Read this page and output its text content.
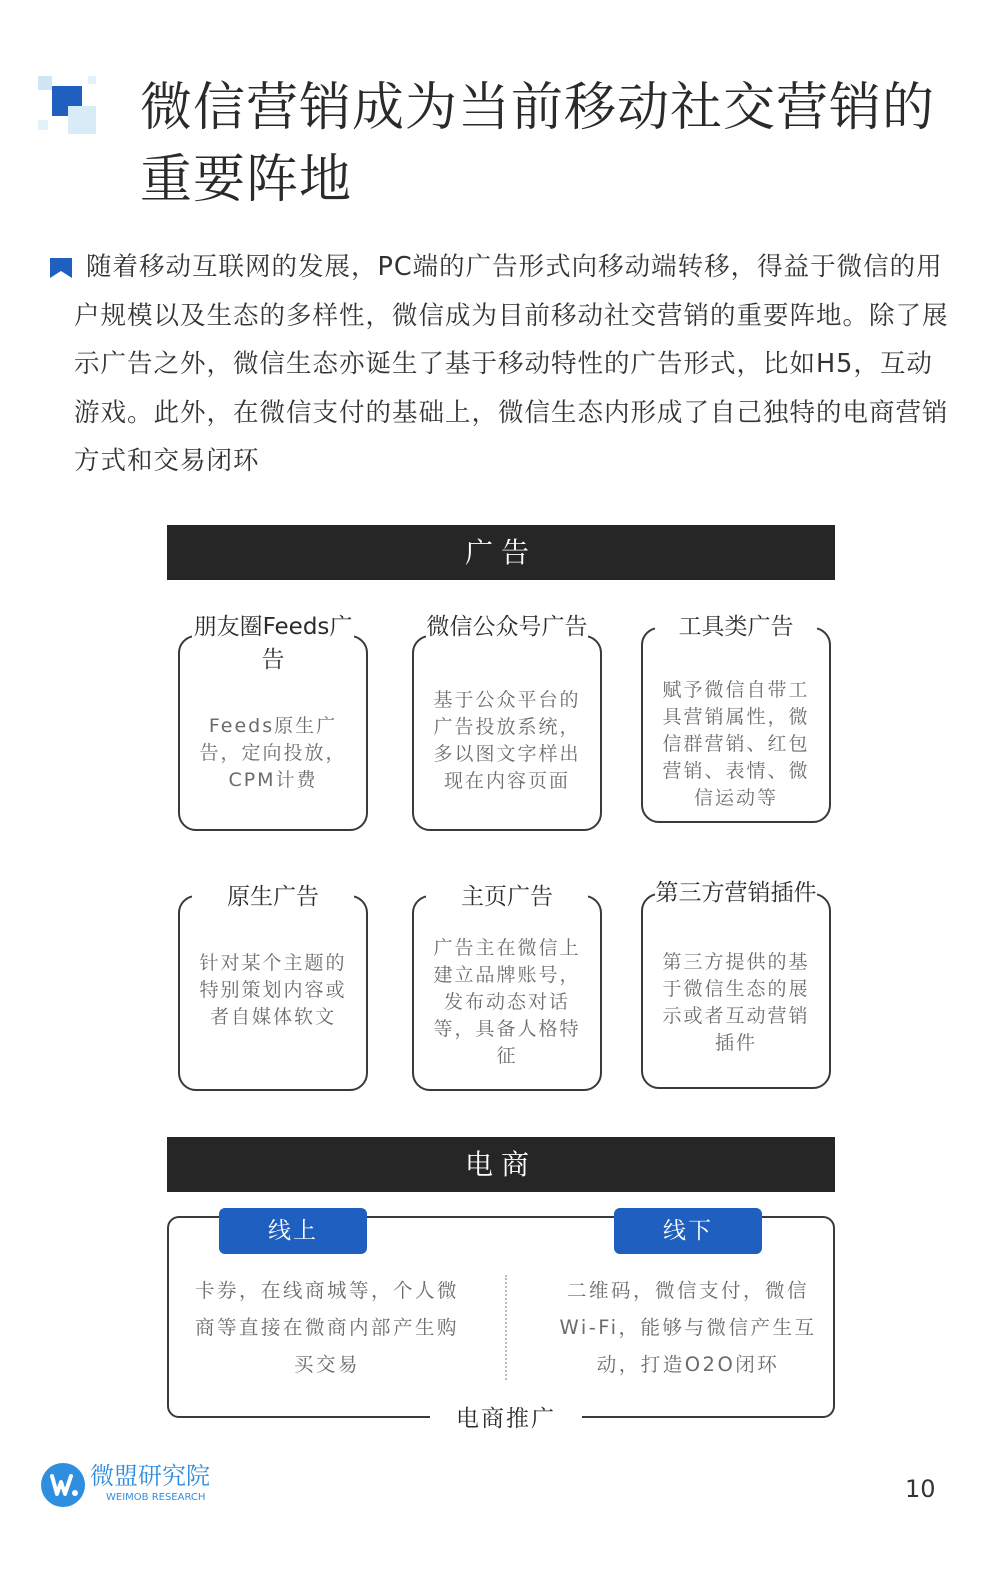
微信营销成为当前移动社交营销的重要阵地

随着移动互联网的发展，PC端的广告形式向移动端转移，得益于微信的用户规模以及生态的多样性，微信成为目前移动社交营销的重要阵地。除了展示广告之外，微信生态亦诞生了基于移动特性的广告形式，比如H5，互动游戏。此外，在微信支付的基础上，微信生态内形成了自己独特的电商营销方式和交易闭环

广告
朋友圈Feeds广告
Feeds原生广告，定向投放，CPM计费
微信公众号广告
基于公众平台的广告投放系统，多以图文字样出现在内容页面
工具类广告
赋予微信自带工具营销属性，微信群营销、红包营销、表情、微信运动等
原生广告
针对某个主题的特别策划内容或者自媒体软文
主页广告
广告主在微信上建立品牌账号，发布动态对话等，具备人格特征
第三方营销插件
第三方提供的基于微信生态的展示或者互动营销插件
电商
线上	线下
卡券，在线商城等，个人微商等直接在微商内部产生购买交易
二维码，微信支付，微信Wi-Fi，能够与微信产生互动，打造O2O闭环
电商推广
微盟研究院
WEIMOB RESEARCH	10
